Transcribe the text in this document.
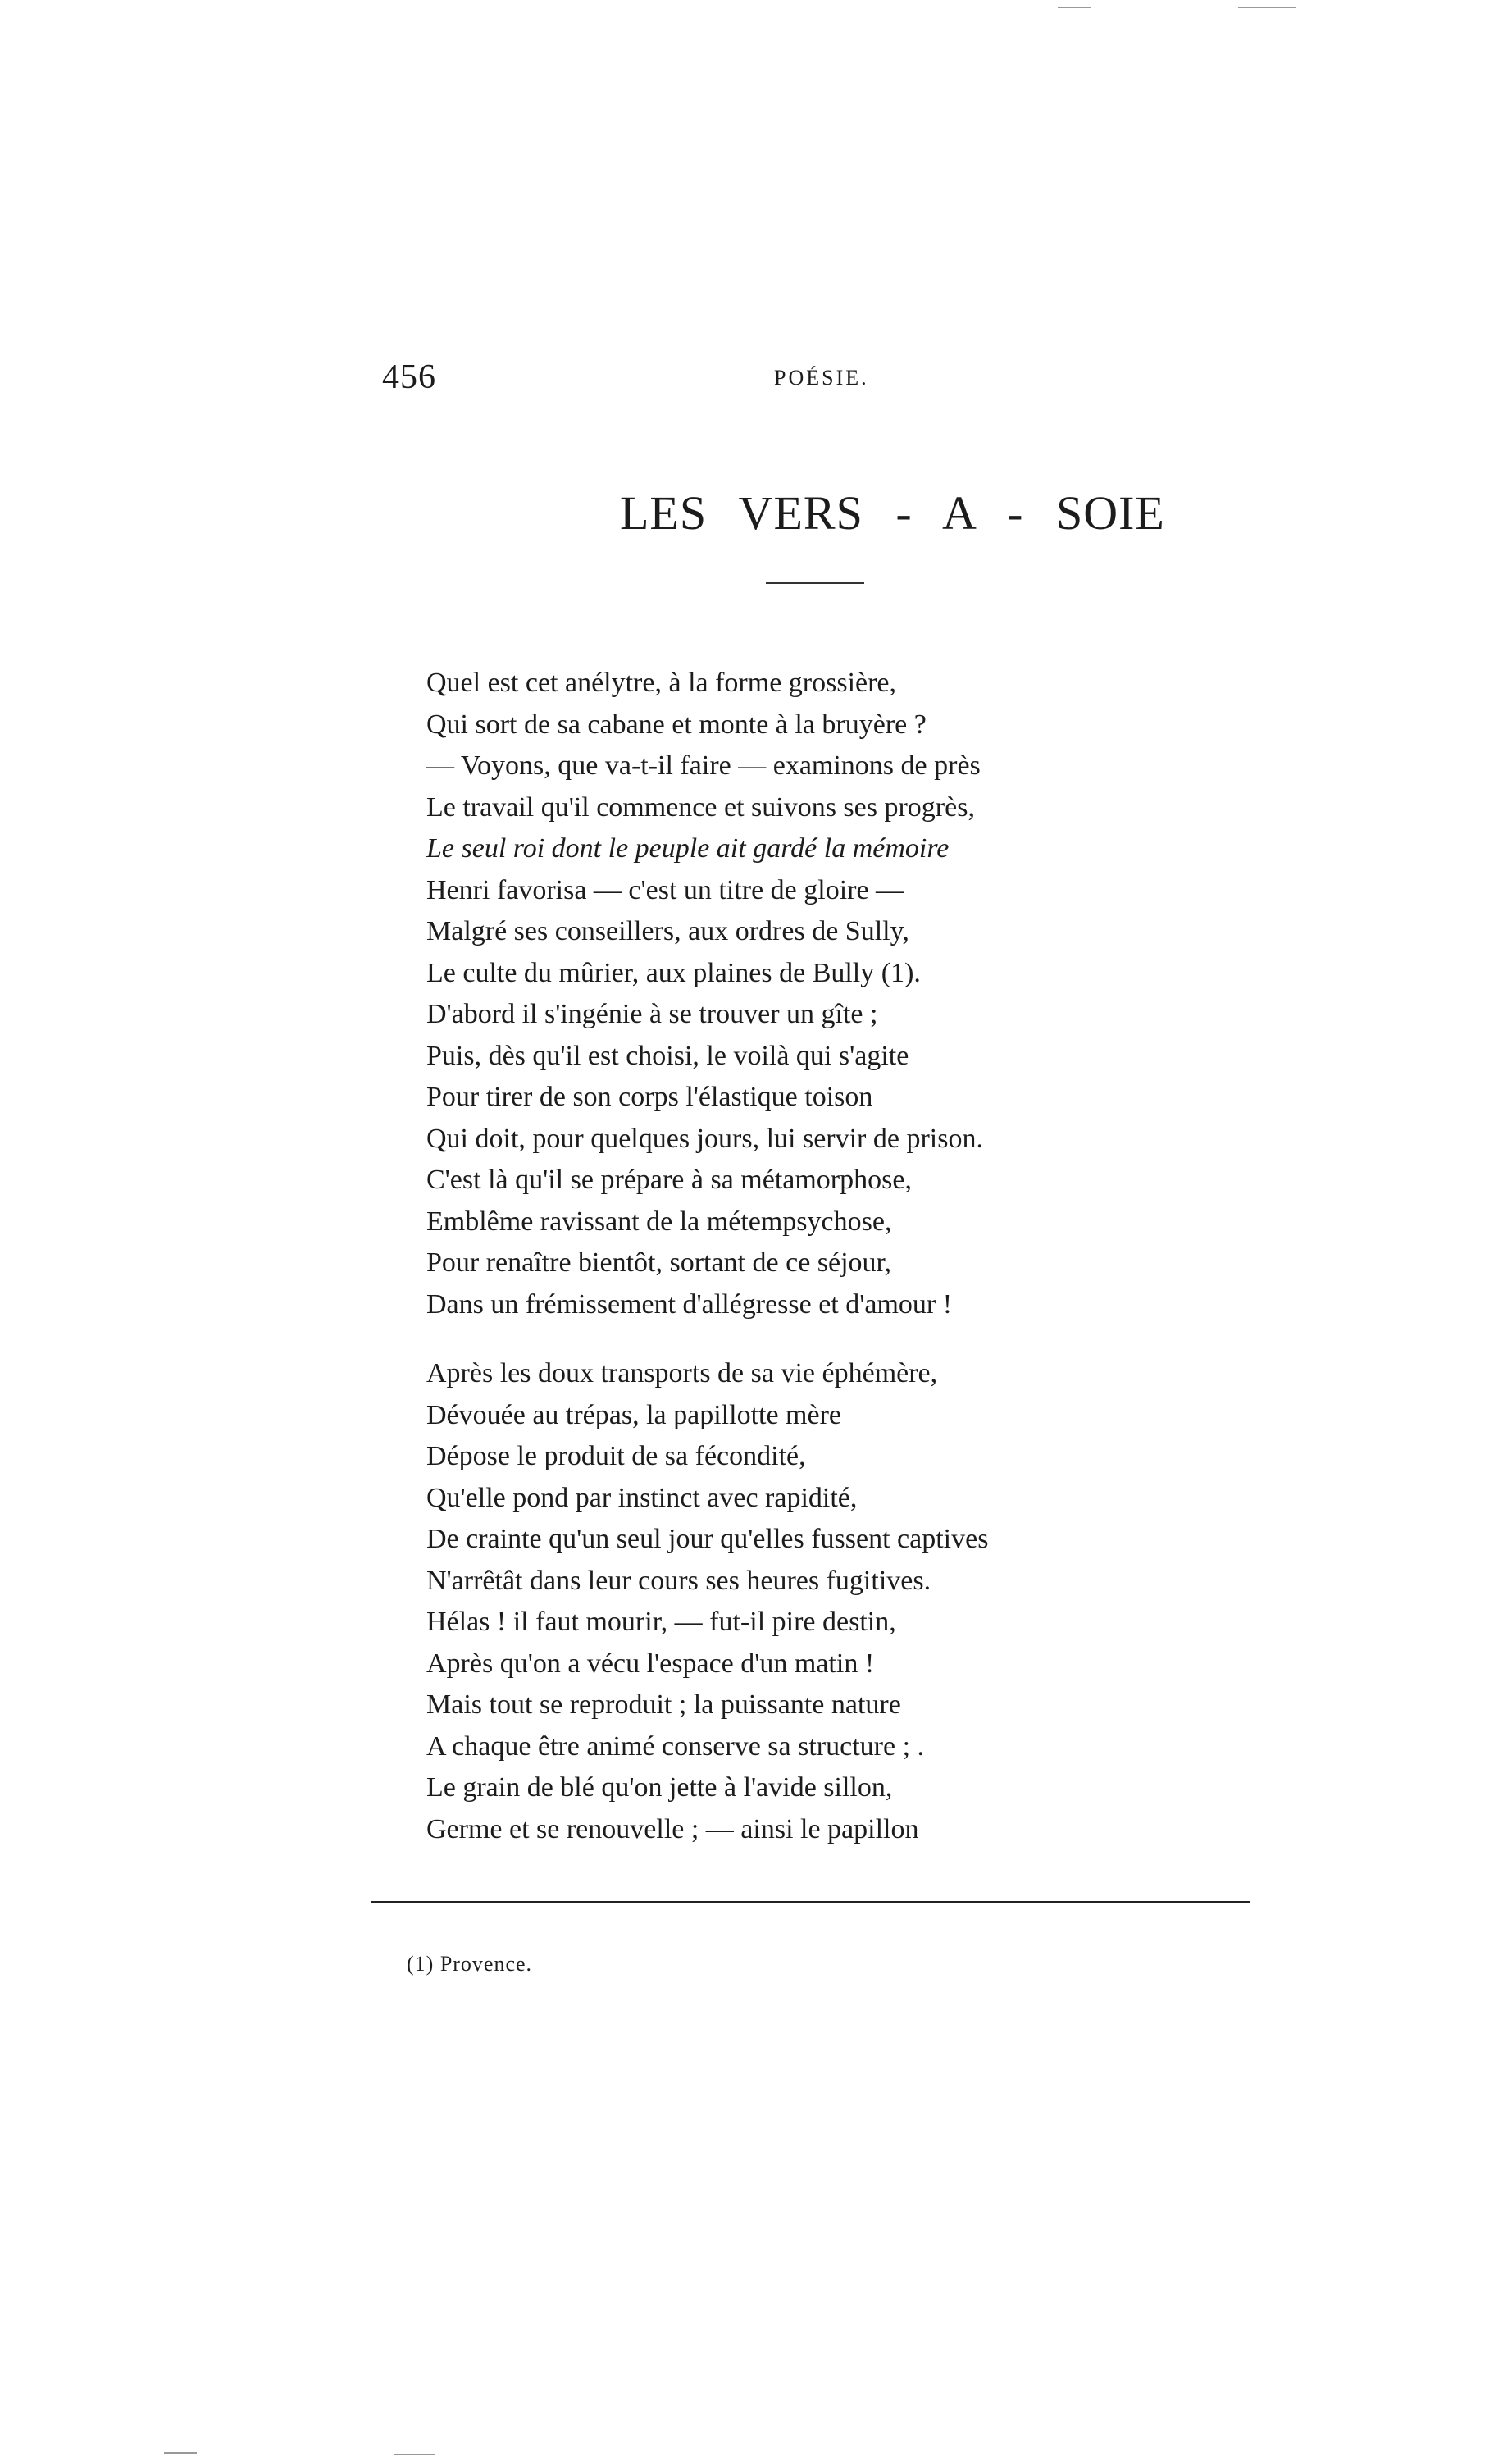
456	POÉSIE.
LES VERS - A - SOIE
Quel est cet anélytre, à la forme grossière,
Qui sort de sa cabane et monte à la bruyère ?
— Voyons, que va-t-il faire — examinons de près
Le travail qu'il commence et suivons ses progrès,
Le seul roi dont le peuple ait gardé la mémoire
Henri favorisa — c'est un titre de gloire —
Malgré ses conseillers, aux ordres de Sully,
Le culte du mûrier, aux plaines de Bully (1).
D'abord il s'ingénie à se trouver un gîte ;
Puis, dès qu'il est choisi, le voilà qui s'agite
Pour tirer de son corps l'élastique toison
Qui doit, pour quelques jours, lui servir de prison.
C'est là qu'il se prépare à sa métamorphose,
Emblême ravissant de la métempsychose,
Pour renaître bientôt, sortant de ce séjour,
Dans un frémissement d'allégresse et d'amour !
Après les doux transports de sa vie éphémère,
Dévouée au trépas, la papillotte mère
Dépose le produit de sa fécondité,
Qu'elle pond par instinct avec rapidité,
De crainte qu'un seul jour qu'elles fussent captives
N'arrêtât dans leur cours ses heures fugitives.
Hélas ! il faut mourir, — fut-il pire destin,
Après qu'on a vécu l'espace d'un matin !
Mais tout se reproduit ; la puissante nature
A chaque être animé conserve sa structure ; .
Le grain de blé qu'on jette à l'avide sillon,
Germe et se renouvelle ; — ainsi le papillon
(1) Provence.
